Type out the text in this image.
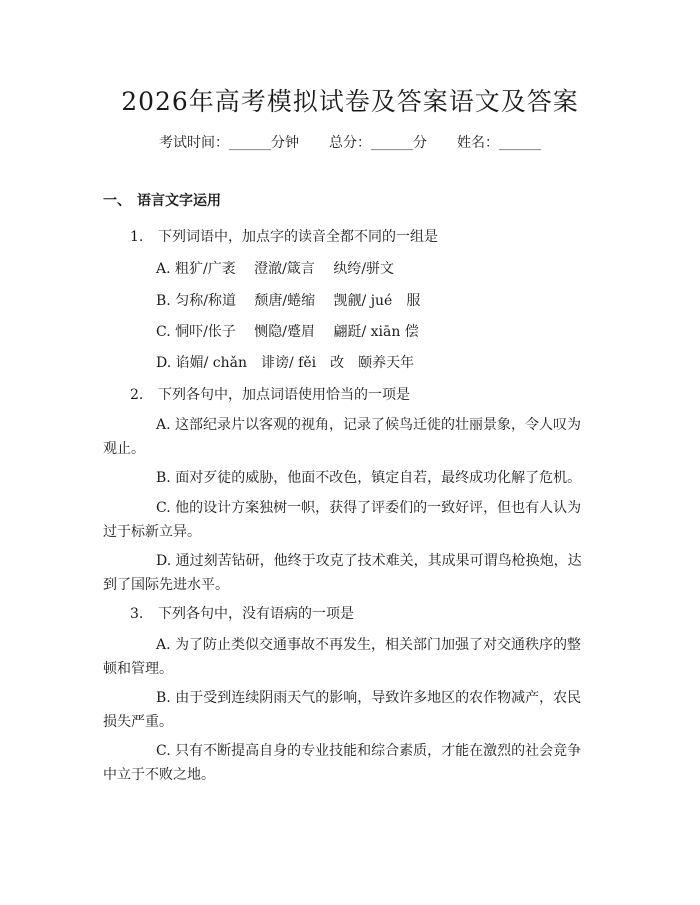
2026年高考模拟试卷及答案语文及答案
考试时间：______分钟 总分：______分 姓名：______
一、 语言文字运用
1. 下列词语中，加点字的读音全都不同的一组是
A. 粗犷/广袤　 澄澈/箴言　 纨绔/骈文
B. 匀称/称道　 颓唐/蜷缩　 觊觎/ jué　服
C. 恫吓/伥子　 恻隐/蹙眉　 翩跹/ xiān 偿
D. 谄媚/ chǎn　诽谤/ fěi　改　颐养天年
2. 下列各句中，加点词语使用恰当的一项是
A. 这部纪录片以客观的视角，记录了候鸟迁徙的壮丽景象，令人叹为观止。
B. 面对歹徒的威胁，他面不改色，镇定自若，最终成功化解了危机。
C. 他的设计方案独树一帜，获得了评委们的一致好评，但也有人认为过于标新立异。
D. 通过刻苦钻研，他终于攻克了技术难关，其成果可谓鸟枪换炮，达到了国际先进水平。
3. 下列各句中，没有语病的一项是
A. 为了防止类似交通事故不再发生，相关部门加强了对交通秩序的整顿和管理。
B. 由于受到连续阴雨天气的影响，导致许多地区的农作物减产，农民损失严重。
C. 只有不断提高自身的专业技能和综合素质，才能在激烈的社会竞争中立于不败之地。
